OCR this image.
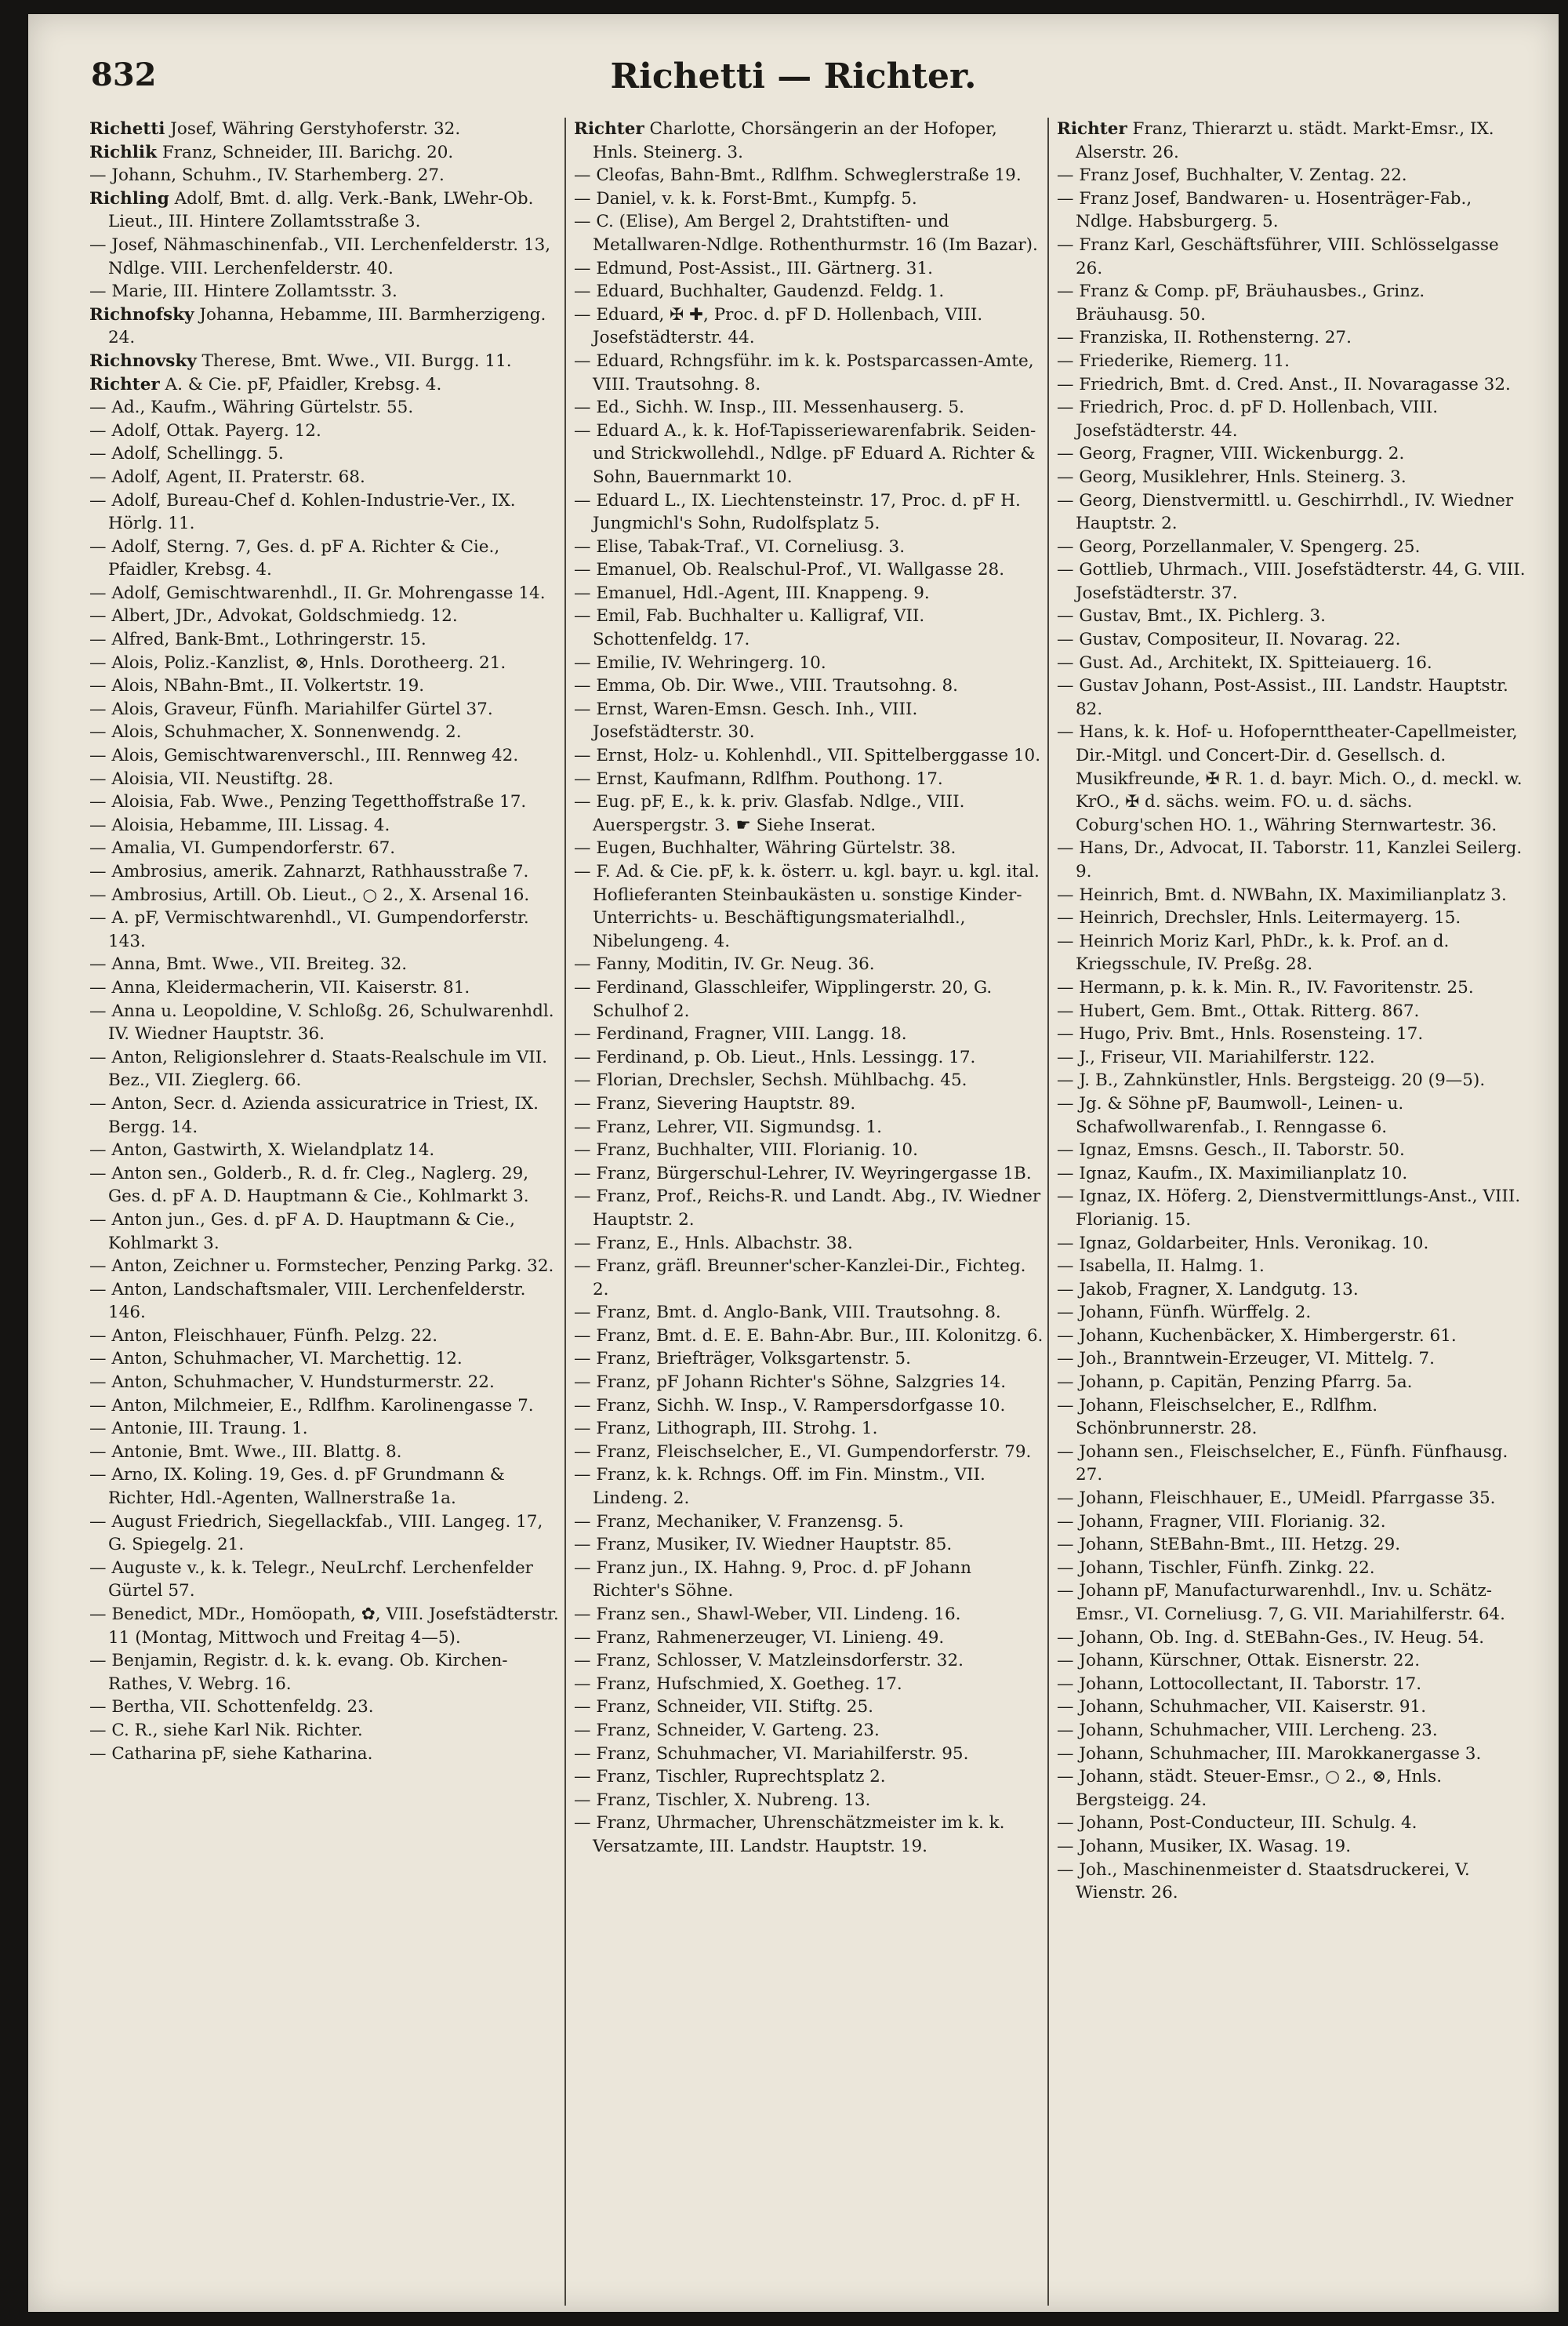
832	Richetti — Richter.
Richetti Josef, Währing Gerstyhoferstr. 32.
Richlik Franz, Schneider, III. Barichg. 20.
— Johann, Schuhm., IV. Starhemberg. 27.
Richling Adolf, Bmt. d. allg. Verk.-Bank, LWehr-Ob. Lieut., III. Hintere Zollamtsstraße 3.
— Josef, Nähmaschinenfab., VII. Lerchenfelderstr. 13, Ndlge. VIII. Lerchenfelderstr. 40.
— Marie, III. Hintere Zollamtsstr. 3.
Richnofsky Johanna, Hebamme, III. Barmherzigeng. 24.
Richnovsky Therese, Bmt. Wwe., VII. Burgg. 11.
Richter A. & Cie. pF, Pfaidler, Krebsg. 4.
— Ad., Kaufm., Währing Gürtelstr. 55.
— Adolf, Ottak. Payerg. 12.
— Adolf, Schellingg. 5.
— Adolf, Agent, II. Praterstr. 68.
— Adolf, Bureau-Chef d. Kohlen-Industrie-Ver., IX. Hörlg. 11.
— Adolf, Sterng. 7, Ges. d. pF A. Richter & Cie., Pfaidler, Krebsg. 4.
— Adolf, Gemischtwarenhdl., II. Gr. Mohrengasse 14.
— Albert, JDr., Advokat, Goldschmiedg. 12.
— Alfred, Bank-Bmt., Lothringerstr. 15.
— Alois, Poliz.-Kanzlist, ⊗, Hnls. Dorotheerg. 21.
— Alois, NBahn-Bmt., II. Volkertstr. 19.
— Alois, Graveur, Fünfh. Mariahilfer Gürtel 37.
— Alois, Schuhmacher, X. Sonnenwendg. 2.
— Alois, Gemischtwarenverschl., III. Rennweg 42.
— Aloisia, VII. Neustiftg. 28.
— Aloisia, Fab. Wwe., Penzing Tegetthoffstraße 17.
— Aloisia, Hebamme, III. Lissag. 4.
— Amalia, VI. Gumpendorferstr. 67.
— Ambrosius, amerik. Zahnarzt, Rathhausstraße 7.
— Ambrosius, Artill. Ob. Lieut., ○ 2., X. Arsenal 16.
— A. pF, Vermischtwarenhdl., VI. Gumpendorferstr. 143.
— Anna, Bmt. Wwe., VII. Breiteg. 32.
— Anna, Kleidermacherin, VII. Kaiserstr. 81.
— Anna u. Leopoldine, V. Schloßg. 26, Schulwarenhdl. IV. Wiedner Hauptstr. 36.
— Anton, Religionslehrer d. Staats-Realschule im VII. Bez., VII. Zieglerg. 66.
— Anton, Secr. d. Azienda assicuratrice in Triest, IX. Bergg. 14.
— Anton, Gastwirth, X. Wielandplatz 14.
— Anton sen., Golderb., R. d. fr. Cleg., Naglerg. 29, Ges. d. pF A. D. Hauptmann & Cie., Kohlmarkt 3.
— Anton jun., Ges. d. pF A. D. Hauptmann & Cie., Kohlmarkt 3.
— Anton, Zeichner u. Formstecher, Penzing Parkg. 32.
— Anton, Landschaftsmaler, VIII. Lerchenfelderstr. 146.
— Anton, Fleischhauer, Fünfh. Pelzg. 22.
— Anton, Schuhmacher, VI. Marchettig. 12.
— Anton, Schuhmacher, V. Hundsturmerstr. 22.
— Anton, Milchmeier, E., Rdlfhm. Karolinengasse 7.
— Antonie, III. Traung. 1.
— Antonie, Bmt. Wwe., III. Blattg. 8.
— Arno, IX. Koling. 19, Ges. d. pF Grundmann & Richter, Hdl.-Agenten, Wallnerstraße 1a.
— August Friedrich, Siegellackfab., VIII. Langeg. 17, G. Spiegelg. 21.
— Auguste v., k. k. Telegr., NeuLrchf. Lerchenfelder Gürtel 57.
— Benedict, MDr., Homöopath, ✿, VIII. Josefstädterstr. 11 (Montag, Mittwoch und Freitag 4—5).
— Benjamin, Registr. d. k. k. evang. Ob. Kirchen-Rathes, V. Webrg. 16.
— Bertha, VII. Schottenfeldg. 23.
— C. R., siehe Karl Nik. Richter.
— Catharina pF, siehe Katharina.
Richter Charlotte, Chorsängerin an der Hofoper, Hnls. Steinerg. 3.
— Cleofas, Bahn-Bmt., Rdlfhm. Schweglerstraße 19.
— Daniel, v. k. k. Forst-Bmt., Kumpfg. 5.
— C. (Elise), Am Bergel 2, Drahtstiften- und Metallwaren-Ndlge. Rothenthurmstr. 16 (Im Bazar).
— Edmund, Post-Assist., III. Gärtnerg. 31.
— Eduard, Buchhalter, Gaudenzd. Feldg. 1.
— Eduard, ✠ ✚, Proc. d. pF D. Hollenbach, VIII. Josefstädterstr. 44.
— Eduard, Rchngsführ. im k. k. Postsparcassen-Amte, VIII. Trautsohng. 8.
— Ed., Sichh. W. Insp., III. Messenhauserg. 5.
— Eduard A., k. k. Hof-Tapisseriewarenfabrik. Seiden- und Strickwollehdl., Ndlge. pF Eduard A. Richter & Sohn, Bauernmarkt 10.
— Eduard L., IX. Liechtensteinstr. 17, Proc. d. pF H. Jungmichl's Sohn, Rudolfsplatz 5.
— Elise, Tabak-Traf., VI. Corneliusg. 3.
— Emanuel, Ob. Realschul-Prof., VI. Wallgasse 28.
— Emanuel, Hdl.-Agent, III. Knappeng. 9.
— Emil, Fab. Buchhalter u. Kalligraf, VII. Schottenfeldg. 17.
— Emilie, IV. Wehringerg. 10.
— Emma, Ob. Dir. Wwe., VIII. Trautsohng. 8.
— Ernst, Waren-Emsn. Gesch. Inh., VIII. Josefstädterstr. 30.
— Ernst, Holz- u. Kohlenhdl., VII. Spittelberggasse 10.
— Ernst, Kaufmann, Rdlfhm. Pouthong. 17.
— Eug. pF, E., k. k. priv. Glasfab. Ndlge., VIII. Auerspergstr. 3. ☛ Siehe Inserat.
— Eugen, Buchhalter, Währing Gürtelstr. 38.
— F. Ad. & Cie. pF, k. k. österr. u. kgl. bayr. u. kgl. ital. Hoflieferanten Steinbaukästen u. sonstige Kinder-Unterrichts- u. Beschäftigungsmaterialhdl., Nibelungeng. 4.
— Fanny, Moditin, IV. Gr. Neug. 36.
— Ferdinand, Glasschleifer, Wipplingerstr. 20, G. Schulhof 2.
— Ferdinand, Fragner, VIII. Langg. 18.
— Ferdinand, p. Ob. Lieut., Hnls. Lessingg. 17.
— Florian, Drechsler, Sechsh. Mühlbachg. 45.
— Franz, Sievering Hauptstr. 89.
— Franz, Lehrer, VII. Sigmundsg. 1.
— Franz, Buchhalter, VIII. Florianig. 10.
— Franz, Bürgerschul-Lehrer, IV. Weyringergasse 1B.
— Franz, Prof., Reichs-R. und Landt. Abg., IV. Wiedner Hauptstr. 2.
— Franz, E., Hnls. Albachstr. 38.
— Franz, gräfl. Breunner'scher-Kanzlei-Dir., Fichteg. 2.
— Franz, Bmt. d. Anglo-Bank, VIII. Trautsohng. 8.
— Franz, Bmt. d. E. E. Bahn-Abr. Bur., III. Kolonitzg. 6.
— Franz, Briefträger, Volksgartenstr. 5.
— Franz, pF Johann Richter's Söhne, Salzgries 14.
— Franz, Sichh. W. Insp., V. Rampersdorfgasse 10.
— Franz, Lithograph, III. Strohg. 1.
— Franz, Fleischselcher, E., VI. Gumpendorferstr. 79.
— Franz, k. k. Rchngs. Off. im Fin. Minstm., VII. Lindeng. 2.
— Franz, Mechaniker, V. Franzensg. 5.
— Franz, Musiker, IV. Wiedner Hauptstr. 85.
— Franz jun., IX. Hahng. 9, Proc. d. pF Johann Richter's Söhne.
— Franz sen., Shawl-Weber, VII. Lindeng. 16.
— Franz, Rahmenerzeuger, VI. Linieng. 49.
— Franz, Schlosser, V. Matzleinsdorferstr. 32.
— Franz, Hufschmied, X. Goetheg. 17.
— Franz, Schneider, VII. Stiftg. 25.
— Franz, Schneider, V. Garteng. 23.
— Franz, Schuhmacher, VI. Mariahilferstr. 95.
— Franz, Tischler, Ruprechtsplatz 2.
— Franz, Tischler, X. Nubreng. 13.
— Franz, Uhrmacher, Uhrenschätzmeister im k. k. Versatzamte, III. Landstr. Hauptstr. 19.
Richter Franz, Thierarzt u. städt. Markt-Emsr., IX. Alserstr. 26.
— Franz Josef, Buchhalter, V. Zentag. 22.
— Franz Josef, Bandwaren- u. Hosenträger-Fab., Ndlge. Habsburgerg. 5.
— Franz Karl, Geschäftsführer, VIII. Schlösselgasse 26.
— Franz & Comp. pF, Bräuhausbes., Grinz. Bräuhausg. 50.
— Franziska, II. Rothensterng. 27.
— Friederike, Riemerg. 11.
— Friedrich, Bmt. d. Cred. Anst., II. Novaragasse 32.
— Friedrich, Proc. d. pF D. Hollenbach, VIII. Josefstädterstr. 44.
— Georg, Fragner, VIII. Wickenburgg. 2.
— Georg, Musiklehrer, Hnls. Steinerg. 3.
— Georg, Dienstvermittl. u. Geschirrhdl., IV. Wiedner Hauptstr. 2.
— Georg, Porzellanmaler, V. Spengerg. 25.
— Gottlieb, Uhrmach., VIII. Josefstädterstr. 44, G. VIII. Josefstädterstr. 37.
— Gustav, Bmt., IX. Pichlerg. 3.
— Gustav, Compositeur, II. Novarag. 22.
— Gust. Ad., Architekt, IX. Spitteiauerg. 16.
— Gustav Johann, Post-Assist., III. Landstr. Hauptstr. 82.
— Hans, k. k. Hof- u. Hofopernttheater-Capellmeister, Dir.-Mitgl. und Concert-Dir. d. Gesellsch. d. Musikfreunde, ✠ R. 1. d. bayr. Mich. O., d. meckl. w. KrO., ✠ d. sächs. weim. FO. u. d. sächs. Coburg'schen HO. 1., Währing Sternwartestr. 36.
— Hans, Dr., Advocat, II. Taborstr. 11, Kanzlei Seilerg. 9.
— Heinrich, Bmt. d. NWBahn, IX. Maximilianplatz 3.
— Heinrich, Drechsler, Hnls. Leitermayerg. 15.
— Heinrich Moriz Karl, PhDr., k. k. Prof. an d. Kriegsschule, IV. Preßg. 28.
— Hermann, p. k. k. Min. R., IV. Favoritenstr. 25.
— Hubert, Gem. Bmt., Ottak. Ritterg. 867.
— Hugo, Priv. Bmt., Hnls. Rosensteing. 17.
— J., Friseur, VII. Mariahilferstr. 122.
— J. B., Zahnkünstler, Hnls. Bergsteigg. 20 (9—5).
— Jg. & Söhne pF, Baumwoll-, Leinen- u. Schafwollwarenfab., I. Renngasse 6.
— Ignaz, Emsns. Gesch., II. Taborstr. 50.
— Ignaz, Kaufm., IX. Maximilianplatz 10.
— Ignaz, IX. Höferg. 2, Dienstvermittlungs-Anst., VIII. Florianig. 15.
— Ignaz, Goldarbeiter, Hnls. Veronikag. 10.
— Isabella, II. Halmg. 1.
— Jakob, Fragner, X. Landgutg. 13.
— Johann, Fünfh. Würffelg. 2.
— Johann, Kuchenbäcker, X. Himbergerstr. 61.
— Joh., Branntwein-Erzeuger, VI. Mittelg. 7.
— Johann, p. Capitän, Penzing Pfarrg. 5a.
— Johann, Fleischselcher, E., Rdlfhm. Schönbrunnerstr. 28.
— Johann sen., Fleischselcher, E., Fünfh. Fünfhausg. 27.
— Johann, Fleischhauer, E., UMeidl. Pfarrgasse 35.
— Johann, Fragner, VIII. Florianig. 32.
— Johann, StEBahn-Bmt., III. Hetzg. 29.
— Johann, Tischler, Fünfh. Zinkg. 22.
— Johann pF, Manufacturwarenhdl., Inv. u. Schätz-Emsr., VI. Corneliusg. 7, G. VII. Mariahilferstr. 64.
— Johann, Ob. Ing. d. StEBahn-Ges., IV. Heug. 54.
— Johann, Kürschner, Ottak. Eisnerstr. 22.
— Johann, Lottocollectant, II. Taborstr. 17.
— Johann, Schuhmacher, VII. Kaiserstr. 91.
— Johann, Schuhmacher, VIII. Lercheng. 23.
— Johann, Schuhmacher, III. Marokkanergasse 3.
— Johann, städt. Steuer-Emsr., ○ 2., ⊗, Hnls. Bergsteigg. 24.
— Johann, Post-Conducteur, III. Schulg. 4.
— Johann, Musiker, IX. Wasag. 19.
— Joh., Maschinenmeister d. Staatsdruckerei, V. Wienstr. 26.
